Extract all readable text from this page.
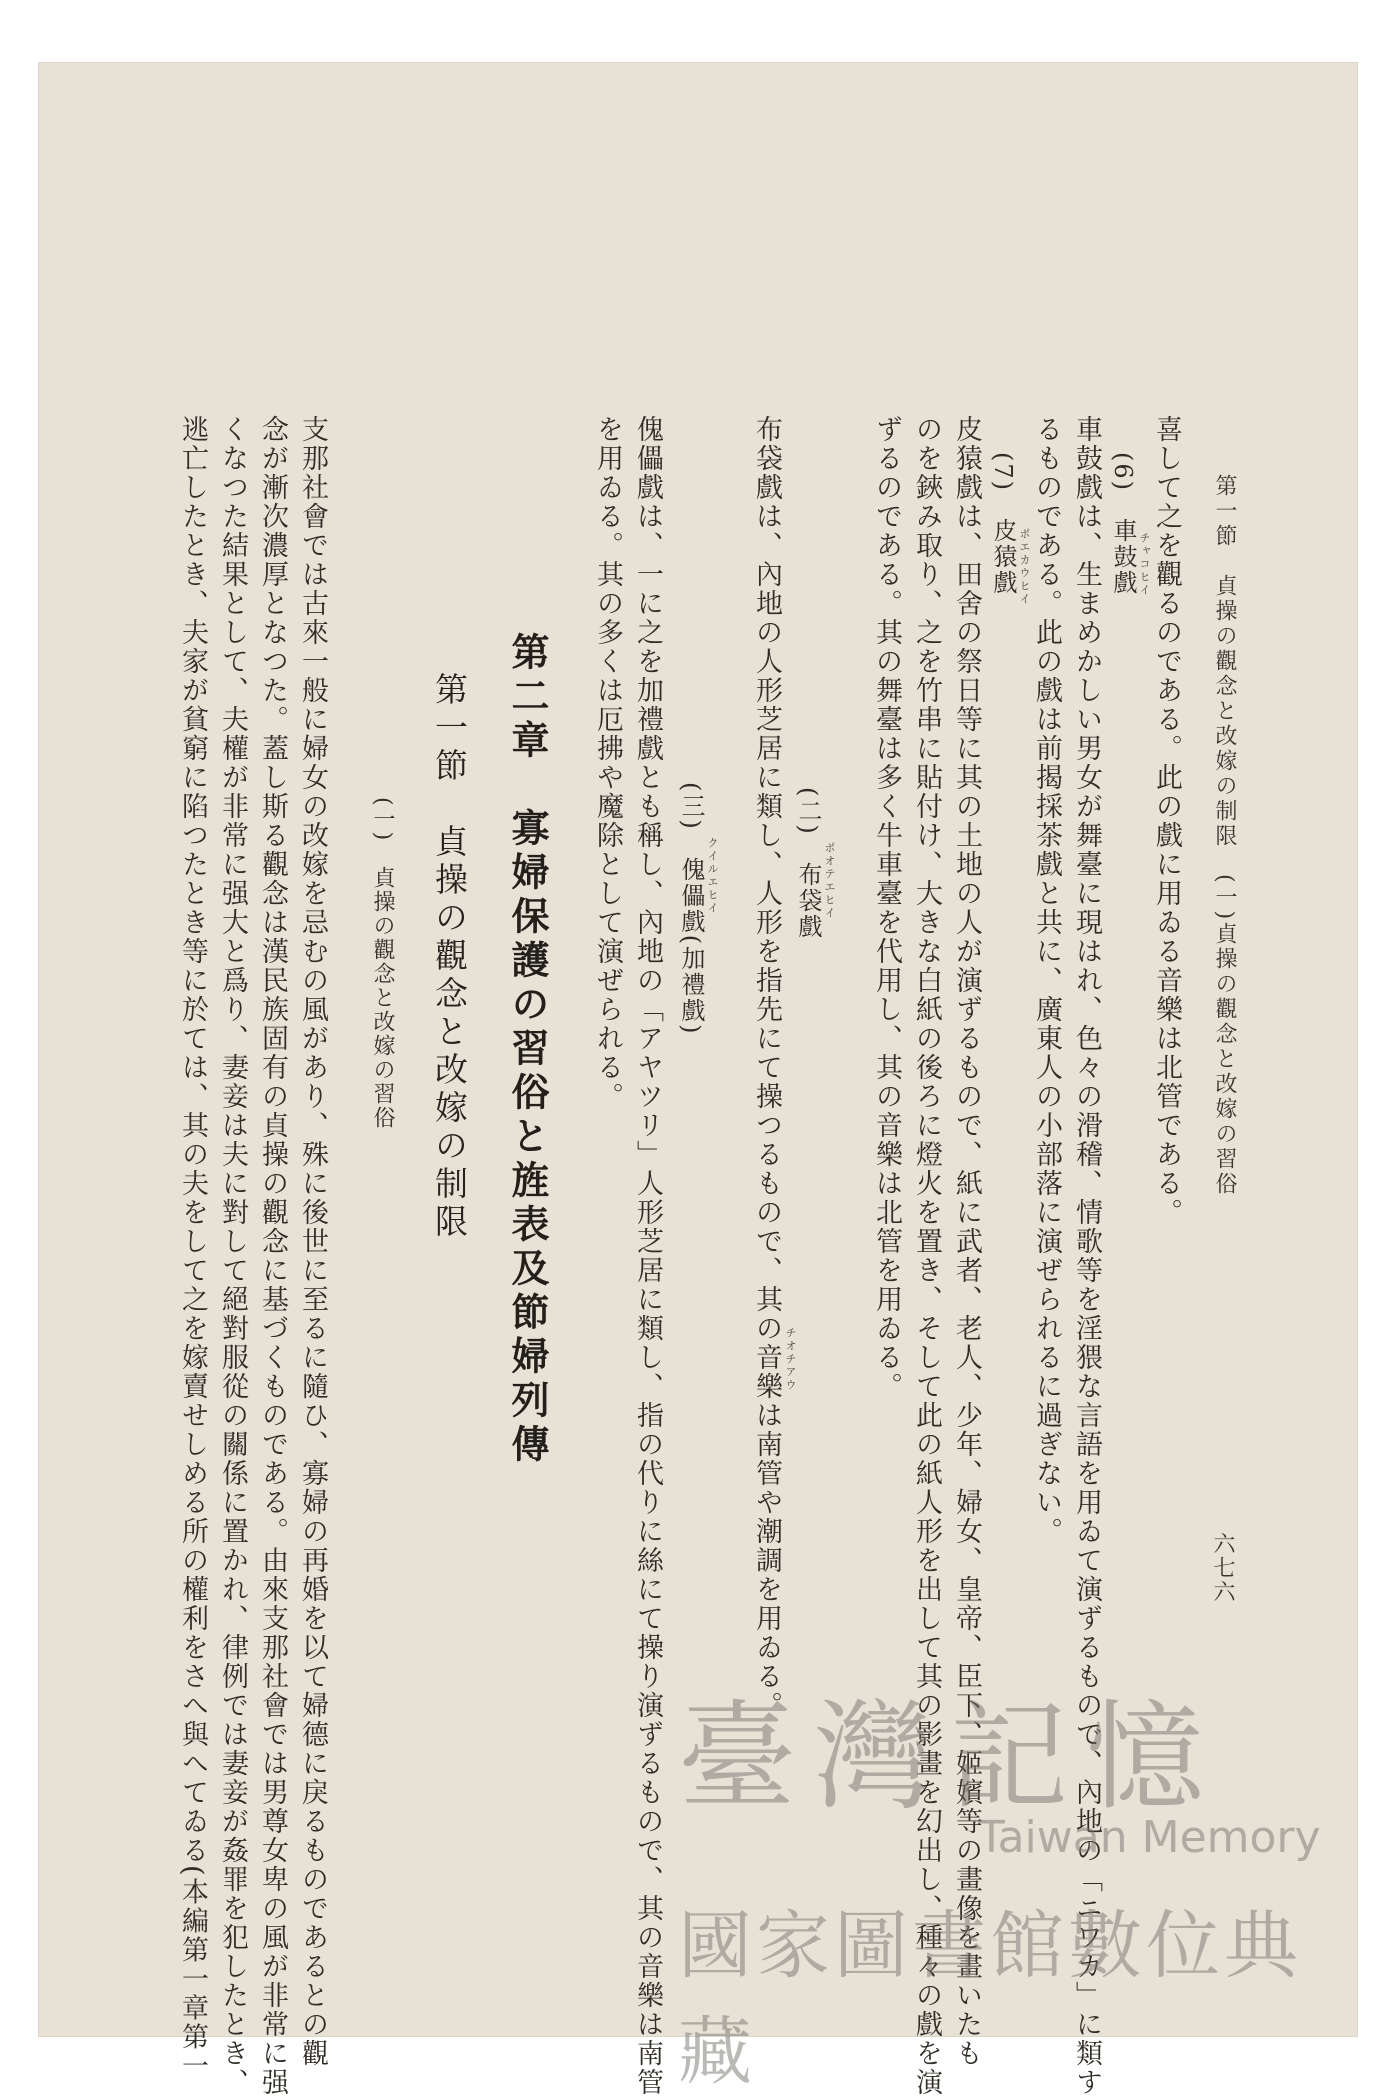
第一節　貞操の觀念と改嫁の制限　(一)貞操の觀念と改嫁の習俗
六七六
喜して之を觀るのである。此の戲に用ゐる音樂は北管である。
(6)　車鼓戲 チャコヒイ
車鼓戲は、生まめかしい男女が舞臺に現はれ、色々の滑稽、情歌等を淫猥な言語を用ゐて演ずるもので、內地の「ニワカ」に類す
るものである。此の戲は前揭採茶戲と共に、廣東人の小部落に演ぜられるに過ぎない。
(7)　皮猿戲 ポエカウヒイ
皮猿戲は、田舍の祭日等に其の土地の人が演ずるもので、紙に武者、老人、少年、婦女、皇帝、臣下、姬嬪等の畫像を畫いたも
のを鋏み取り、之を竹串に貼付け、大きな白紙の後ろに燈火を置き、そして此の紙人形を出して其の影畫を幻出し、種々の戲を演
ずるのである。其の舞臺は多く牛車臺を代用し、其の音樂は北管を用ゐる。
(二)　布袋戲 ポオテエヒイ
布袋戲は、內地の人形芝居に類し、人形を指先にて操つるもので、其の音樂は南管や潮調を用ゐる。 チオチアウ
(三)　傀儡戲(加禮戲) クイルエヒイ
傀儡戲は、一に之を加禮戲とも稱し、內地の「アヤツリ」人形芝居に類し、指の代りに絲にて操り演ずるもので、其の音樂は南管
を用ゐる。其の多くは厄拂や魔除として演ぜられる。
第二章　寡婦保護の習俗と旌表及節婦列傳
第一節　貞操の觀念と改嫁の制限
(一)　貞操の觀念と改嫁の習俗
支那社會では古來一般に婦女の改嫁を忌むの風があり、殊に後世に至るに隨ひ、寡婦の再婚を以て婦德に戾るものであるとの觀
念が漸次濃厚となつた。蓋し斯る觀念は漢民族固有の貞操の觀念に基づくものである。由來支那社會では男尊女卑の風が非常に强
くなつた結果として、夫權が非常に强大と爲り、妻妾は夫に對して絕對服從の關係に置かれ、律例では妻妾が姦罪を犯したとき、
逃亡したとき、夫家が貧窮に陷つたとき等に於ては、其の夫をして之を嫁賣せしめる所の權利をさへ與へてゐる(本編第一章第一	臺灣記憶
Taiwan Memory
國家圖書館數位典藏
